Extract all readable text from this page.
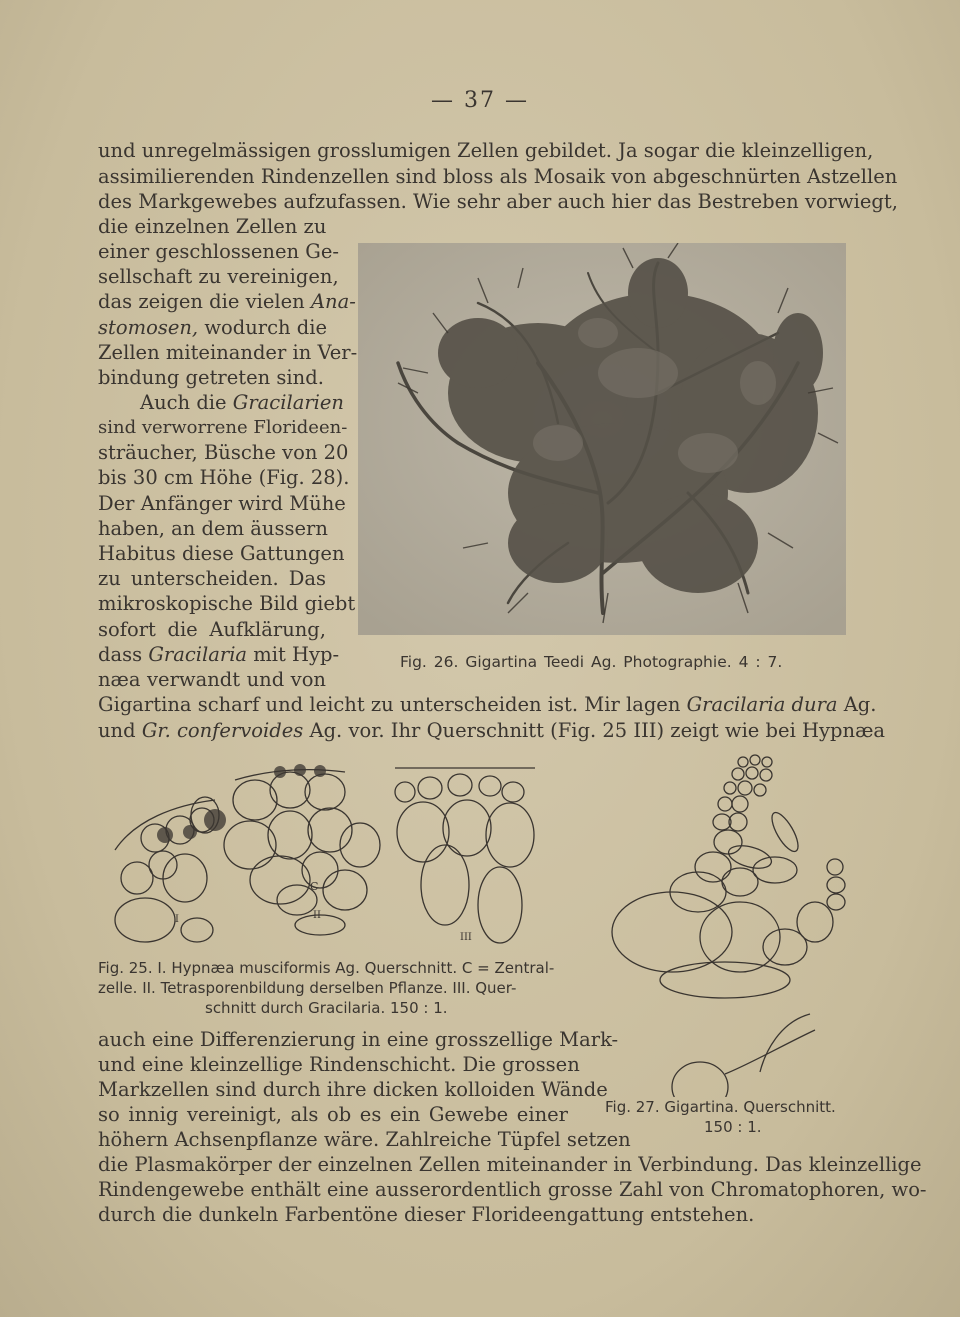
— 37 —
und unregelmässigen grosslumigen Zellen gebildet. Ja sogar die kleinzelligen,
assimilierenden Rindenzellen sind bloss als Mosaik von abgeschnürten Astzellen
des Markgewebes aufzufassen. Wie sehr aber auch hier das Bestreben vorwiegt,
die einzelnen Zellen zu
einer geschlossenen Ge-
sellschaft zu vereinigen,
das zeigen die vielen Ana-
stomosen, wodurch die
Zellen miteinander in Ver-
bindung getreten sind.
Auch die Gracilarien
sind verworrene Florideen-
sträucher, Büsche von 20
bis 30 cm Höhe (Fig. 28).
Der Anfänger wird Mühe
haben, an dem äussern
Habitus diese Gattungen
zu unterscheiden. Das
mikroskopische Bild giebt
sofort die Aufklärung,
dass Gracilaria mit Hyp-
næa verwandt und von
Gigartina scharf und leicht zu unterscheiden ist. Mir lagen Gracilaria dura Ag.
und Gr. confervoides Ag. vor. Ihr Querschnitt (Fig. 25 III) zeigt wie bei Hypnæa
Fig. 26. Gigartina Teedi Ag. Photographie. 4 : 7.
I
C
II
III
Fig. 25. I. Hypnæa musciformis Ag. Querschnitt. C = Zentral-
zelle. II. Tetrasporenbildung derselben Pflanze. III. Quer-
schnitt durch Gracilaria. 150 : 1.
Fig. 27. Gigartina. Querschnitt.
150 : 1.
auch eine Differenzierung in eine grosszellige Mark-
und eine kleinzellige Rindenschicht. Die grossen
Markzellen sind durch ihre dicken kolloiden Wände
so innig vereinigt, als ob es ein Gewebe einer
höhern Achsenpflanze wäre. Zahlreiche Tüpfel setzen
die Plasmakörper der einzelnen Zellen miteinander in Verbindung. Das kleinzellige
Rindengewebe enthält eine ausserordentlich grosse Zahl von Chromatophoren, wo-
durch die dunkeln Farbentöne dieser Florideengattung entstehen.
